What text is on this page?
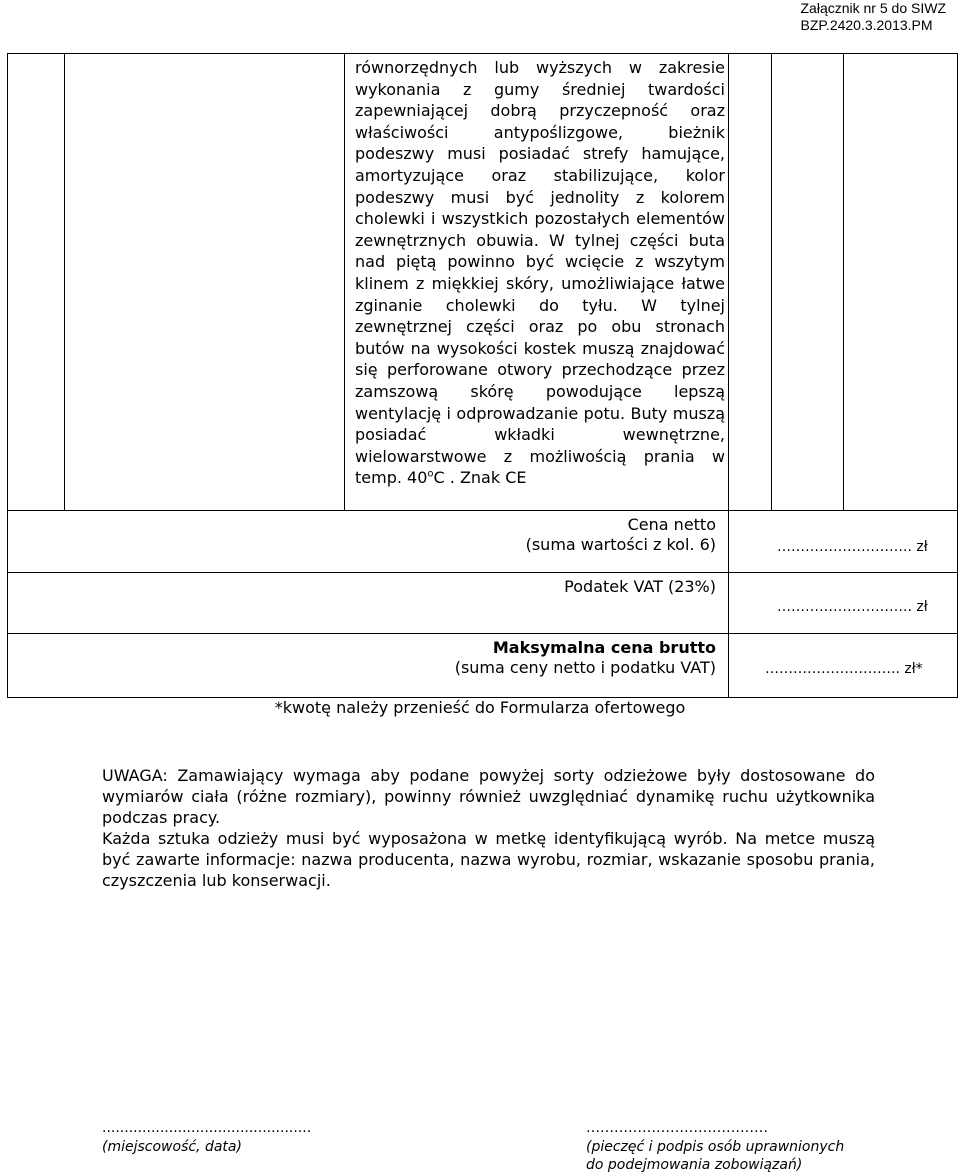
Załącznik nr 5 do SIWZ
BZP.2420.3.2013.PM

równorzędnych lub wyższych w zakresie wykonania z gumy średniej twardości zapewniającej dobrą przyczepność oraz właściwości antypoślizgowe, bieżnik podeszwy musi posiadać strefy hamujące, amortyzujące oraz stabilizujące, kolor podeszwy musi być jednolity z kolorem cholewki i wszystkich pozostałych elementów zewnętrznych obuwia. W tylnej części buta nad piętą powinno być wcięcie z wszytym klinem z miękkiej skóry, umożliwiające łatwe zginanie cholewki do tyłu. W tylnej zewnętrznej części oraz po obu stronach butów na wysokości kostek muszą znajdować się perforowane otwory przechodzące przez zamszową skórę powodujące lepszą wentylację i odprowadzanie potu. Buty muszą posiadać wkładki wewnętrzne, wielowarstwowe z możliwością prania w temp. 40$^o$C . Znak CE

Cena netto
(suma wartości z kol. 6)	……………………….. zł
Podatek VAT (23%)
……………………….. zł
Maksymalna cena brutto
(suma ceny netto i podatku VAT)	……………………….. zł*
*kwotę należy przenieść do Formularza ofertowego

UWAGA: Zamawiający wymaga aby podane powyżej sorty odzieżowe były dostosowane do wymiarów ciała (różne rozmiary), powinny również uwzględniać dynamikę ruchu użytkownika podczas pracy.

Każda sztuka odzieży musi być wyposażona w metkę identyfikującą wyrób. Na metce muszą być zawarte informacje: nazwa producenta, nazwa wyrobu, rozmiar, wskazanie sposobu prania, czyszczenia lub konserwacji.

...............................................
(miejscowość, data)
…………………………………
(pieczęć i podpis osób uprawnionych
do podejmowania zobowiązań)
